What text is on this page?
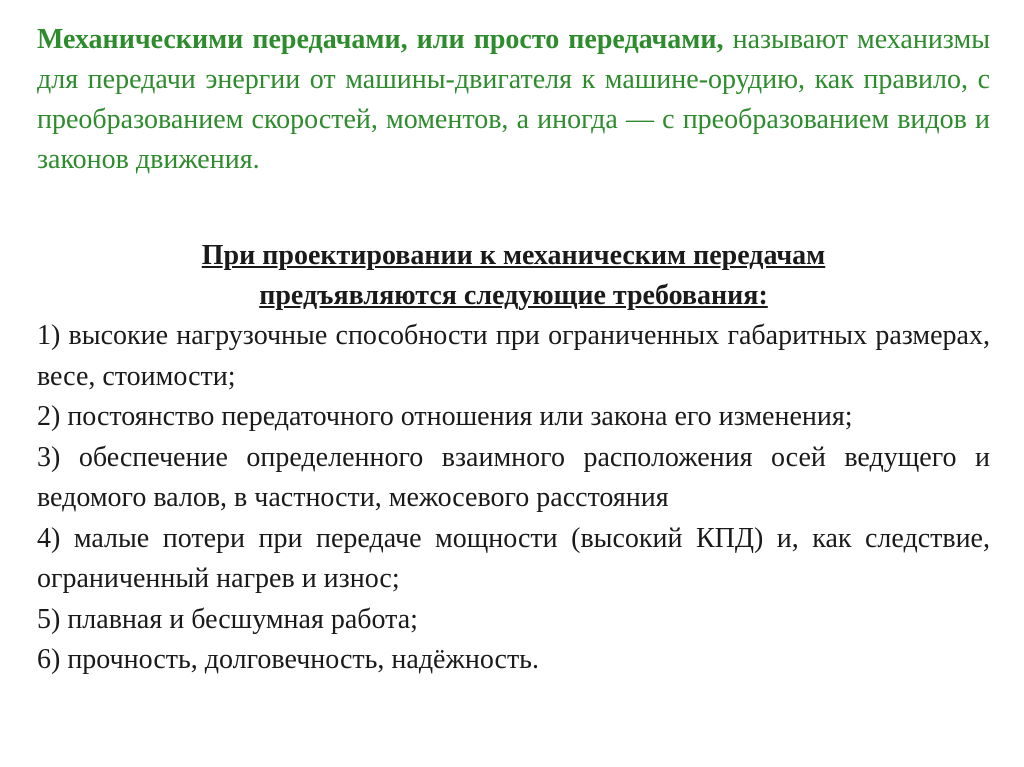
Механическими передачами, или просто передачами, называют механизмы для передачи энергии от машины-двигателя к машине-орудию, как правило, с преобразованием скоростей, моментов, а иногда — с преобразованием видов и законов движения.

При проектировании к механическим передачам
предъявляются следующие требования:
1) высокие нагрузочные способности при ограниченных габаритных размерах, весе, стоимости;
2) постоянство передаточного отношения или закона его изменения;
3) обеспечение определенного взаимного расположения осей ведущего и ведомого валов, в частности, межосевого расстояния
4) малые потери при передаче мощности (высокий КПД) и, как следствие, ограниченный нагрев и износ;
5) плавная и бесшумная работа;
6) прочность, долговечность, надёжность.
